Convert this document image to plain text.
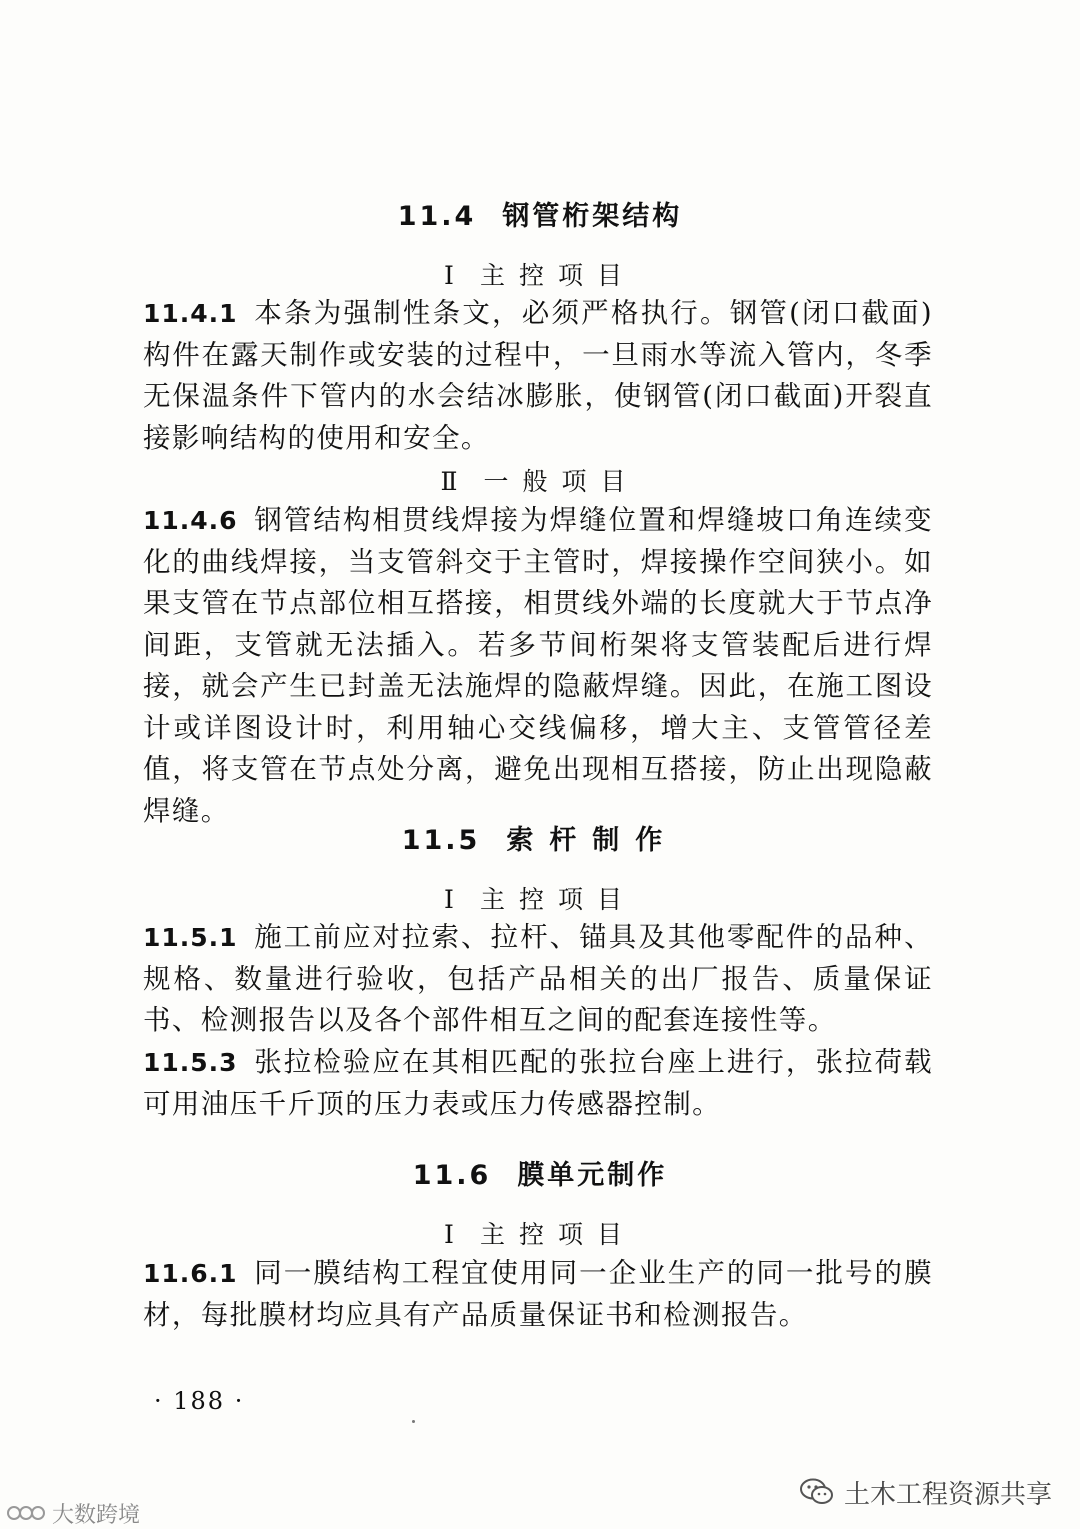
11.4 钢管桁架结构
Ⅰ 主控项目
11.4.1 本条为强制性条文，必须严格执行。钢管(闭口截面)构件在露天制作或安装的过程中，一旦雨水等流入管内，冬季无保温条件下管内的水会结冰膨胀，使钢管(闭口截面)开裂直接影响结构的使用和安全。
Ⅱ 一般项目
11.4.6 钢管结构相贯线焊接为焊缝位置和焊缝坡口角连续变化的曲线焊接，当支管斜交于主管时，焊接操作空间狭小。如果支管在节点部位相互搭接，相贯线外端的长度就大于节点净间距，支管就无法插入。若多节间桁架将支管装配后进行焊接，就会产生已封盖无法施焊的隐蔽焊缝。因此，在施工图设计或详图设计时，利用轴心交线偏移，增大主、支管管径差值，将支管在节点处分离，避免出现相互搭接，防止出现隐蔽焊缝。
11.5 索杆制作
Ⅰ 主控项目
11.5.1 施工前应对拉索、拉杆、锚具及其他零配件的品种、规格、数量进行验收，包括产品相关的出厂报告、质量保证书、检测报告以及各个部件相互之间的配套连接性等。
11.5.3 张拉检验应在其相匹配的张拉台座上进行，张拉荷载可用油压千斤顶的压力表或压力传感器控制。
11.6 膜单元制作
Ⅰ 主控项目
11.6.1 同一膜结构工程宜使用同一企业生产的同一批号的膜材，每批膜材均应具有产品质量保证书和检测报告。
· 188 ·
土木工程资源共享
大数跨境
